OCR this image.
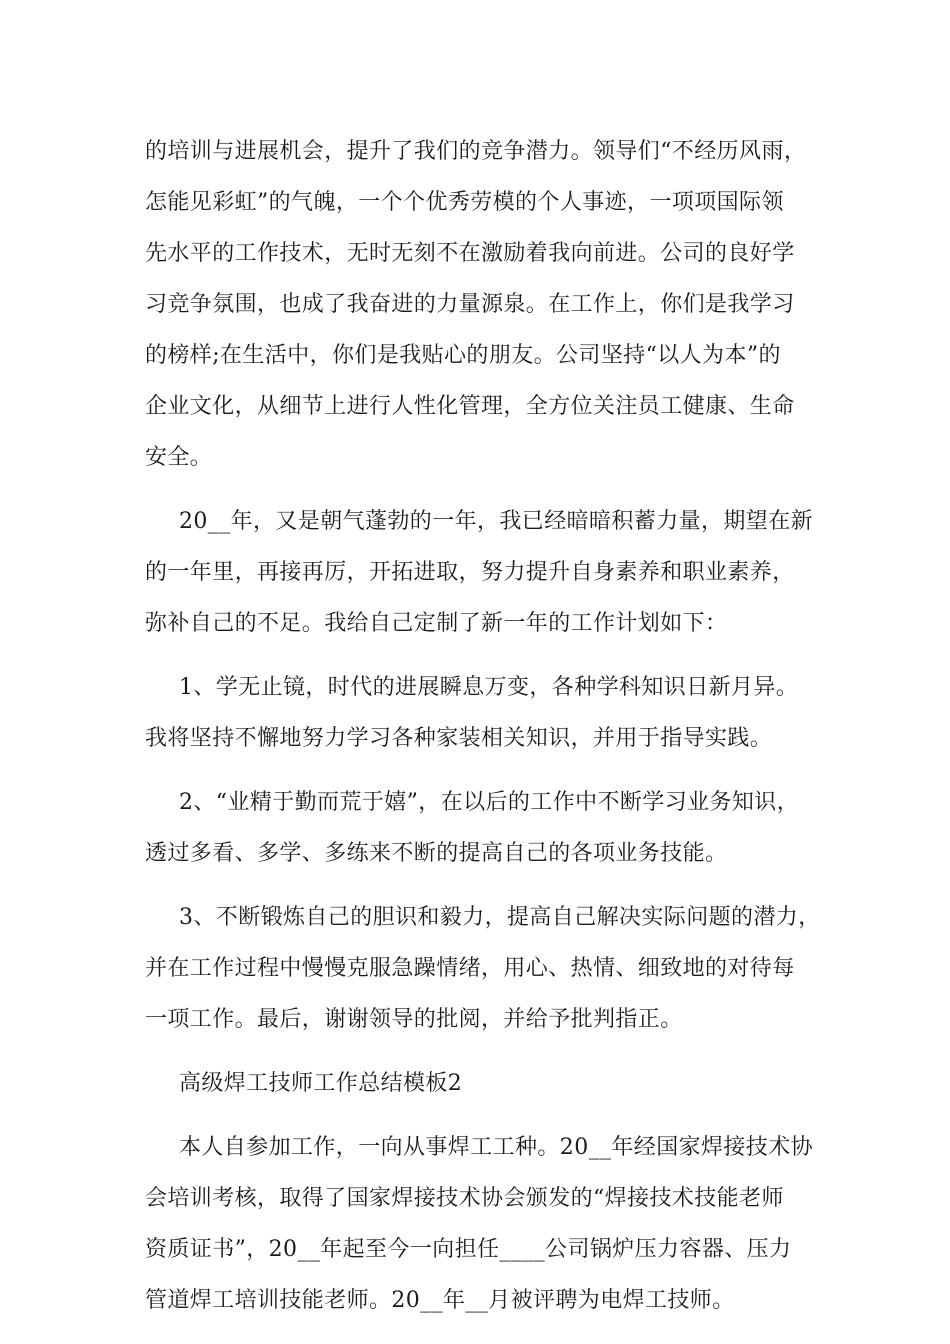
的培训与进展机会，提升了我们的竞争潜力。领导们“不经历风雨，
怎能见彩虹”的气魄，一个个优秀劳模的个人事迹，一项项国际领
先水平的工作技术，无时无刻不在激励着我向前进。公司的良好学
习竞争氛围，也成了我奋进的力量源泉。在工作上，你们是我学习
的榜样;在生活中，你们是我贴心的朋友。公司坚持“以人为本”的
企业文化，从细节上进行人性化管理，全方位关注员工健康、生命
安全。

20__年，又是朝气蓬勃的一年，我已经暗暗积蓄力量，期望在新
的一年里，再接再厉，开拓进取，努力提升自身素养和职业素养，
弥补自己的不足。我给自己定制了新一年的工作计划如下：

1、学无止镜，时代的进展瞬息万变，各种学科知识日新月异。
我将坚持不懈地努力学习各种家装相关知识，并用于指导实践。

2、“业精于勤而荒于嬉”，在以后的工作中不断学习业务知识，
透过多看、多学、多练来不断的提高自己的各项业务技能。

3、不断锻炼自己的胆识和毅力，提高自己解决实际问题的潜力，
并在工作过程中慢慢克服急躁情绪，用心、热情、细致地的对待每
一项工作。最后，谢谢领导的批阅，并给予批判指正。

高级焊工技师工作总结模板2

本人自参加工作，一向从事焊工工种。20__年经国家焊接技术协
会培训考核，取得了国家焊接技术协会颁发的“焊接技术技能老师
资质证书”，20__年起至今一向担任____公司锅炉压力容器、压力
管道焊工培训技能老师。20__年__月被评聘为电焊工技师。
